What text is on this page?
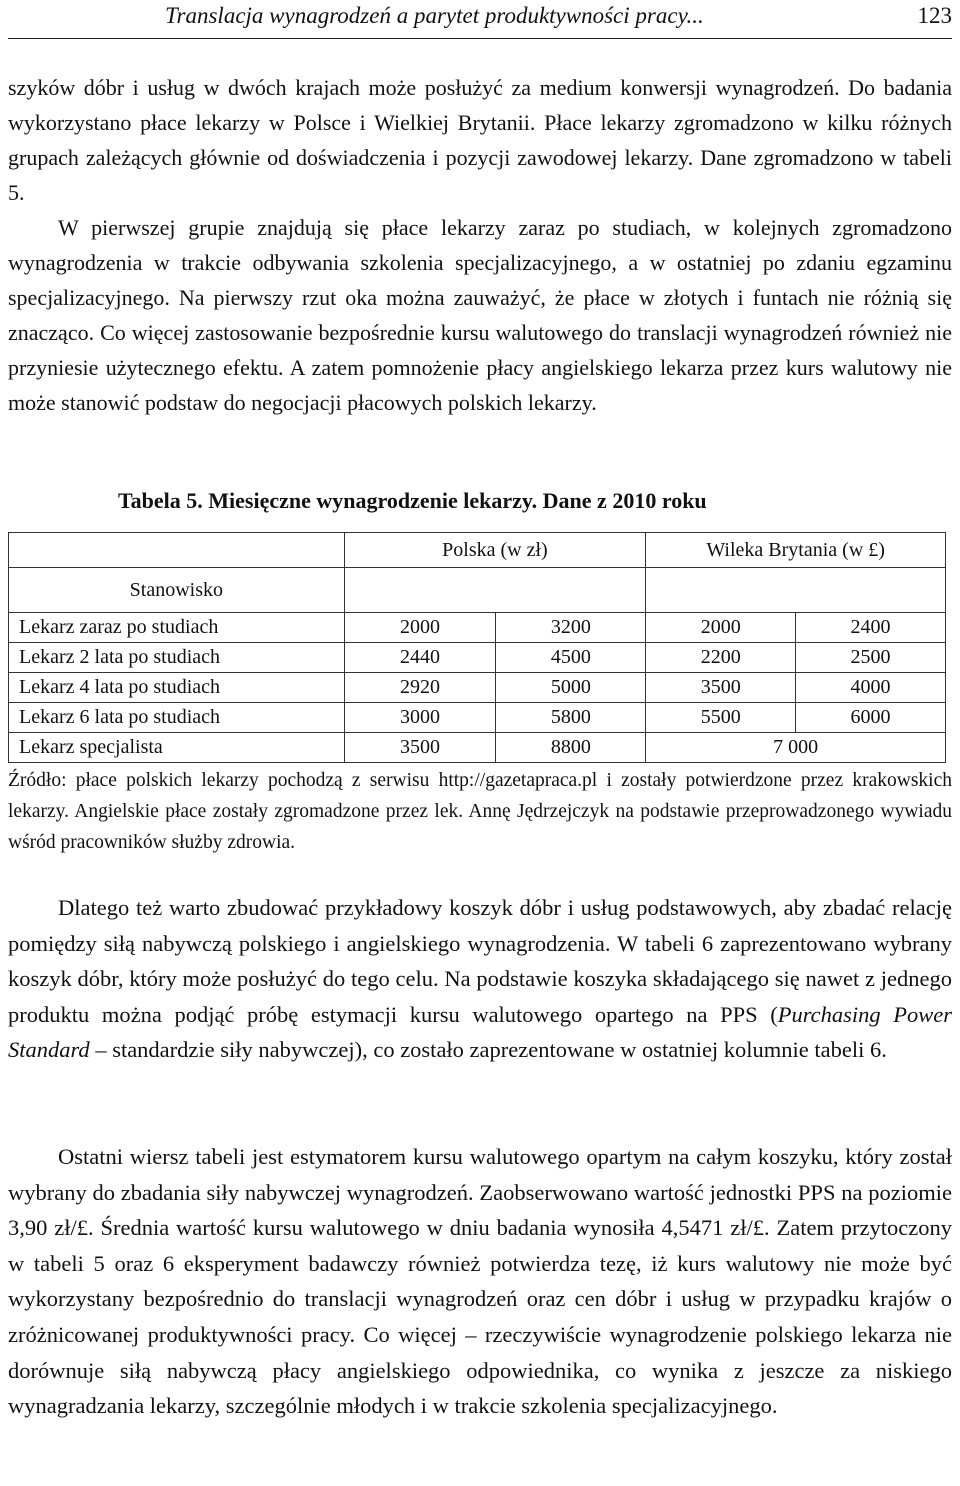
Translacja wynagrodzeń a parytet produktywności pracy...	123

szyków dóbr i usług w dwóch krajach może posłużyć za medium konwersji wynagrodzeń. Do badania wykorzystano płace lekarzy w Polsce i Wielkiej Brytanii. Płace lekarzy zgromadzono w kilku różnych grupach zależących głównie od doświadczenia i pozycji zawodowej lekarzy. Dane zgromadzono w tabeli 5.

W pierwszej grupie znajdują się płace lekarzy zaraz po studiach, w kolejnych zgromadzono wynagrodzenia w trakcie odbywania szkolenia specjalizacyjnego, a w ostatniej po zdaniu egzaminu specjalizacyjnego. Na pierwszy rzut oka można zauważyć, że płace w złotych i funtach nie różnią się znacząco. Co więcej zastosowanie bezpośrednie kursu walutowego do translacji wynagrodzeń również nie przyniesie użytecznego efektu. A zatem pomnożenie płacy angielskiego lekarza przez kurs walutowy nie może stanowić podstaw do negocjacji płacowych polskich lekarzy.

Tabela 5. Miesięczne wynagrodzenie lekarzy. Dane z 2010 roku
	Polska (w zł)		Wileka Brytania (w £)	
Stanowisko				
Lekarz zaraz po studiach	2000	3200	2000	2400
Lekarz 2 lata po studiach	2440	4500	2200	2500
Lekarz 4 lata po studiach	2920	5000	3500	4000
Lekarz 6 lata po studiach	3000	5800	5500	6000
Lekarz specjalista	3500	8800	7 000	

Źródło: płace polskich lekarzy pochodzą z serwisu http://gazetapraca.pl i zostały potwierdzone przez krakowskich lekarzy. Angielskie płace zostały zgromadzone przez lek. Annę Jędrzejczyk na podstawie przeprowadzonego wywiadu wśród pracowników służby zdrowia.

Dlatego też warto zbudować przykładowy koszyk dóbr i usług podstawowych, aby zbadać relację pomiędzy siłą nabywczą polskiego i angielskiego wynagrodzenia. W tabeli 6 zaprezentowano wybrany koszyk dóbr, który może posłużyć do tego celu. Na podstawie koszyka składającego się nawet z jednego produktu można podjąć próbę estymacji kursu walutowego opartego na PPS (Purchasing Power Standard – standardzie siły nabywczej), co zostało zaprezentowane w ostatniej kolumnie tabeli 6.

Ostatni wiersz tabeli jest estymatorem kursu walutowego opartym na całym koszyku, który został wybrany do zbadania siły nabywczej wynagrodzeń. Zaobserwowano wartość jednostki PPS na poziomie 3,90 zł/£. Średnia wartość kursu walutowego w dniu badania wynosiła 4,5471 zł/£. Zatem przytoczony w tabeli 5 oraz 6 eksperyment badawczy również potwierdza tezę, iż kurs walutowy nie może być wykorzystany bezpośrednio do translacji wynagrodzeń oraz cen dóbr i usług w przypadku krajów o zróżnicowanej produktywności pracy. Co więcej – rzeczywiście wynagrodzenie polskiego lekarza nie dorównuje siłą nabywczą płacy angielskiego odpowiednika, co wynika z jeszcze za niskiego wynagradzania lekarzy, szczególnie młodych i w trakcie szkolenia specjalizacyjnego.
